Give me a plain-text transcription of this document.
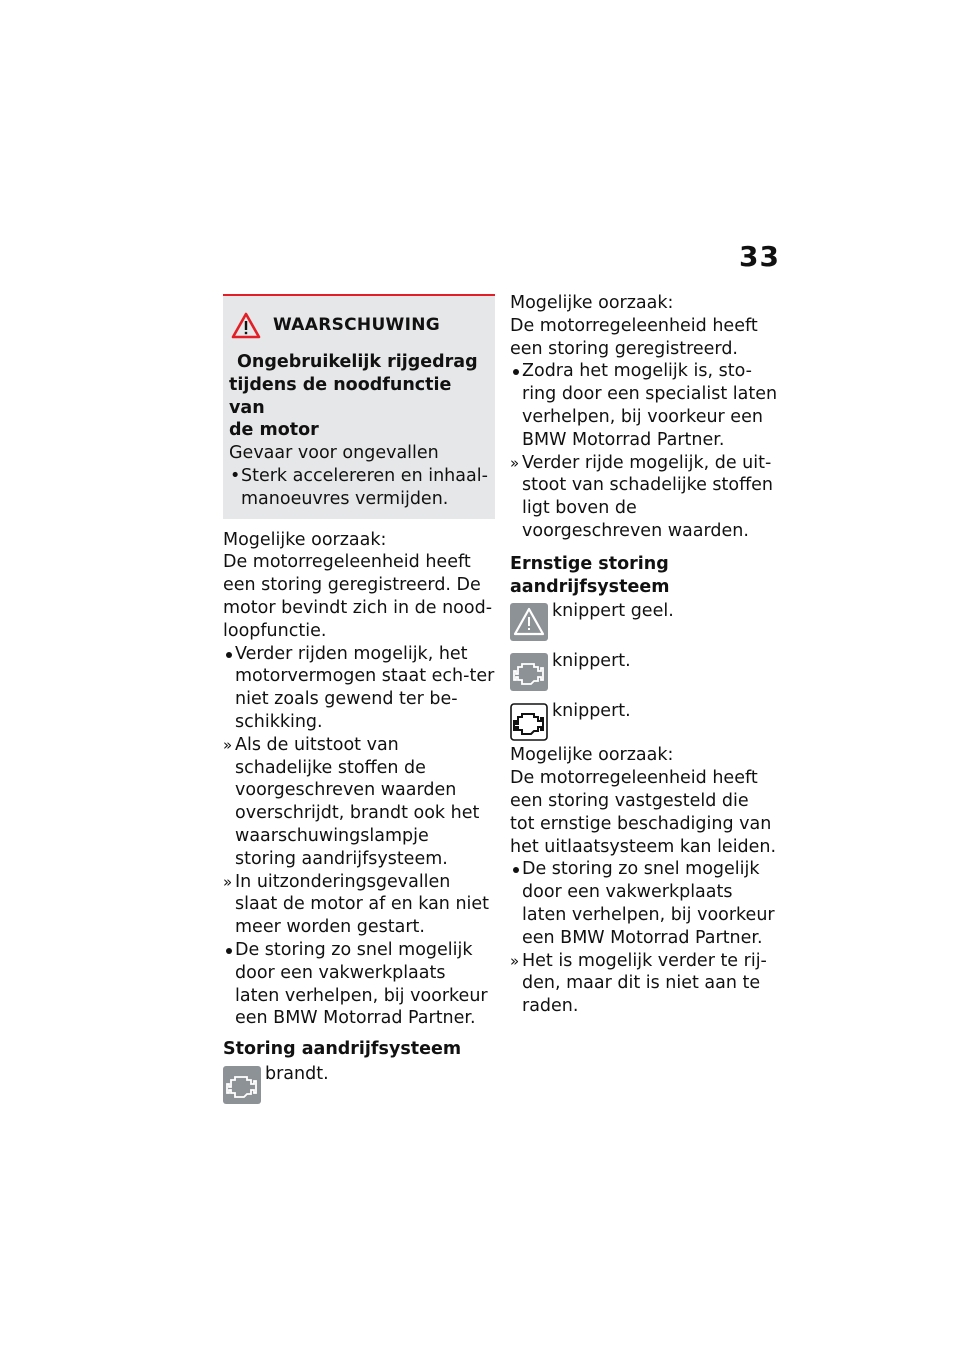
33
WAARSCHUWING

Ongebruikelijk rijgedrag

tijdens de noodfunctie van

de motor

Gevaar voor ongevallen

• Sterk accelereren en inhaal-manoeuvres vermijden.

Mogelijke oorzaak:

De motorregeleenheid heeft een storing geregistreerd. De motor bevindt zich in de nood-loopfunctie.

Verder rijden mogelijk, het motorvermogen staat ech-ter niet zoals gewend ter be-schikking.
» Als de uitstoot van schadelijke stoffen de voorgeschreven waarden overschrijdt, brandt ook het waarschuwingslampje storing aandrijfsysteem.
» In uitzonderingsgevallen slaat de motor af en kan niet meer worden gestart.
De storing zo snel mogelijk door een vakwerkplaats laten verhelpen, bij voorkeur een BMW Motorrad Partner.

Storing aandrijfsysteem

brandt.

Mogelijke oorzaak:

De motorregeleenheid heeft een storing geregistreerd.

Zodra het mogelijk is, sto-ring door een specialist laten verhelpen, bij voorkeur een BMW Motorrad Partner.
» Verder rijde mogelijk, de uit-stoot van schadelijke stoffen ligt boven de voorgeschreven waarden.

Ernstige storing

aandrijfsysteem

knippert geel.
knippert.
knippert.

Mogelijke oorzaak:

De motorregeleenheid heeft een storing vastgesteld die tot ernstige beschadiging van het uitlaatsysteem kan leiden.

De storing zo snel mogelijk door een vakwerkplaats laten verhelpen, bij voorkeur een BMW Motorrad Partner.
» Het is mogelijk verder te rij-den, maar dit is niet aan te raden.
